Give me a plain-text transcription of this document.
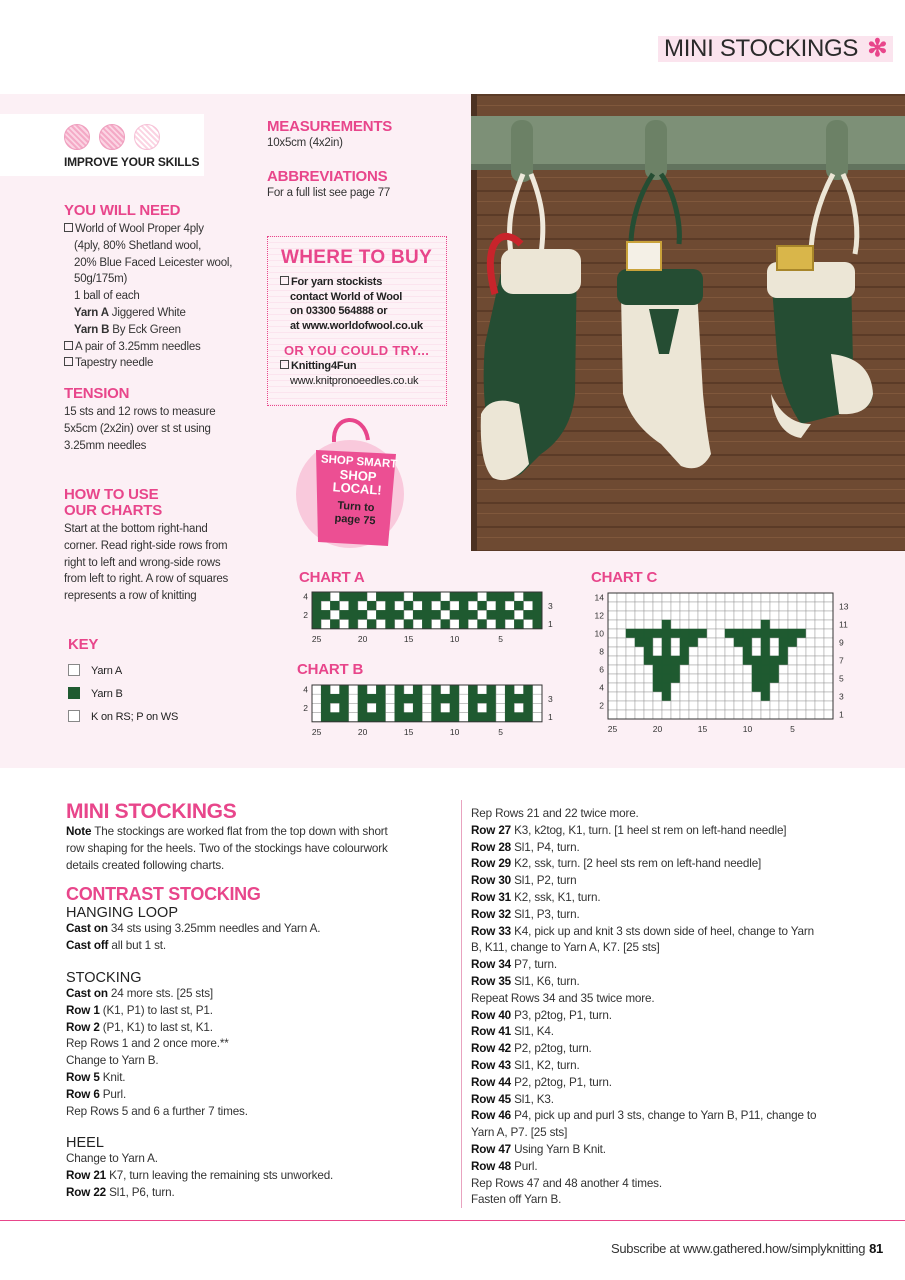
MINI STOCKINGS ✻
IMPROVE YOUR SKILLS
YOU WILL NEED
World of Wool Proper 4ply
(4ply, 80% Shetland wool,
20% Blue Faced Leicester wool,
50g/175m)
1 ball of each
Yarn A Jiggered White
Yarn B By Eck Green
A pair of 3.25mm needles
Tapestry needle
TENSION
15 sts and 12 rows to measure
5x5cm (2x2in) over st st using
3.25mm needles
HOW TO USE
OUR CHARTS
Start at the bottom right-hand
corner. Read right-side rows from
right to left and wrong-side rows
from left to right. A row of squares
represents a row of knitting
KEY
Yarn A
Yarn B
K on RS; P on WS
MEASUREMENTS
10x5cm (4x2in)
ABBREVIATIONS
For a full list see page 77
WHERE TO BUY
For yarn stockists
contact World of Wool
on 03300 564888 or
at www.worldofwool.co.uk
OR YOU COULD TRY...
Knitting4Fun
www.knitpronoeedles.co.uk
SHOP SMART
SHOP
LOCAL!
Turn to
page 75
CHART A
25	20	15	10	5
4
2
3
1
CHART B
25	20	15	10	5
4
2
3
1
CHART C
25	20	15	10	5
14
12
10
8
6
4
2
13
11
9
7
5
3
1
MINI STOCKINGS
Note The stockings are worked flat from the top down with short
row shaping for the heels. Two of the stockings have colourwork
details created following charts.
CONTRAST STOCKING
HANGING LOOP
Cast on 34 sts using 3.25mm needles and Yarn A.
Cast off all but 1 st.
STOCKING
Cast on 24 more sts. [25 sts]
Row 1 (K1, P1) to last st, P1.
Row 2 (P1, K1) to last st, K1.
Rep Rows 1 and 2 once more.**
Change to Yarn B.
Row 5 Knit.
Row 6 Purl.
Rep Rows 5 and 6 a further 7 times.
HEEL
Change to Yarn A.
Row 21 K7, turn leaving the remaining sts unworked.
Row 22 Sl1, P6, turn.
Rep Rows 21 and 22 twice more.
Row 27 K3, k2tog, K1, turn. [1 heel st rem on left-hand needle]
Row 28 Sl1, P4, turn.
Row 29 K2, ssk, turn. [2 heel sts rem on left-hand needle]
Row 30 Sl1, P2, turn
Row 31 K2, ssk, K1, turn.
Row 32 Sl1, P3, turn.
Row 33 K4, pick up and knit 3 sts down side of heel, change to Yarn
B, K11, change to Yarn A, K7. [25 sts]
Row 34 P7, turn.
Row 35 Sl1, K6, turn.
Repeat Rows 34 and 35 twice more.
Row 40 P3, p2tog, P1, turn.
Row 41 Sl1, K4.
Row 42 P2, p2tog, turn.
Row 43 Sl1, K2, turn.
Row 44 P2, p2tog, P1, turn.
Row 45 Sl1, K3.
Row 46 P4, pick up and purl 3 sts, change to Yarn B, P11, change to
Yarn A, P7. [25 sts]
Row 47 Using Yarn B Knit.
Row 48 Purl.
Rep Rows 47 and 48 another 4 times.
Fasten off Yarn B.
Subscribe at www.gathered.how/simplyknitting 81
